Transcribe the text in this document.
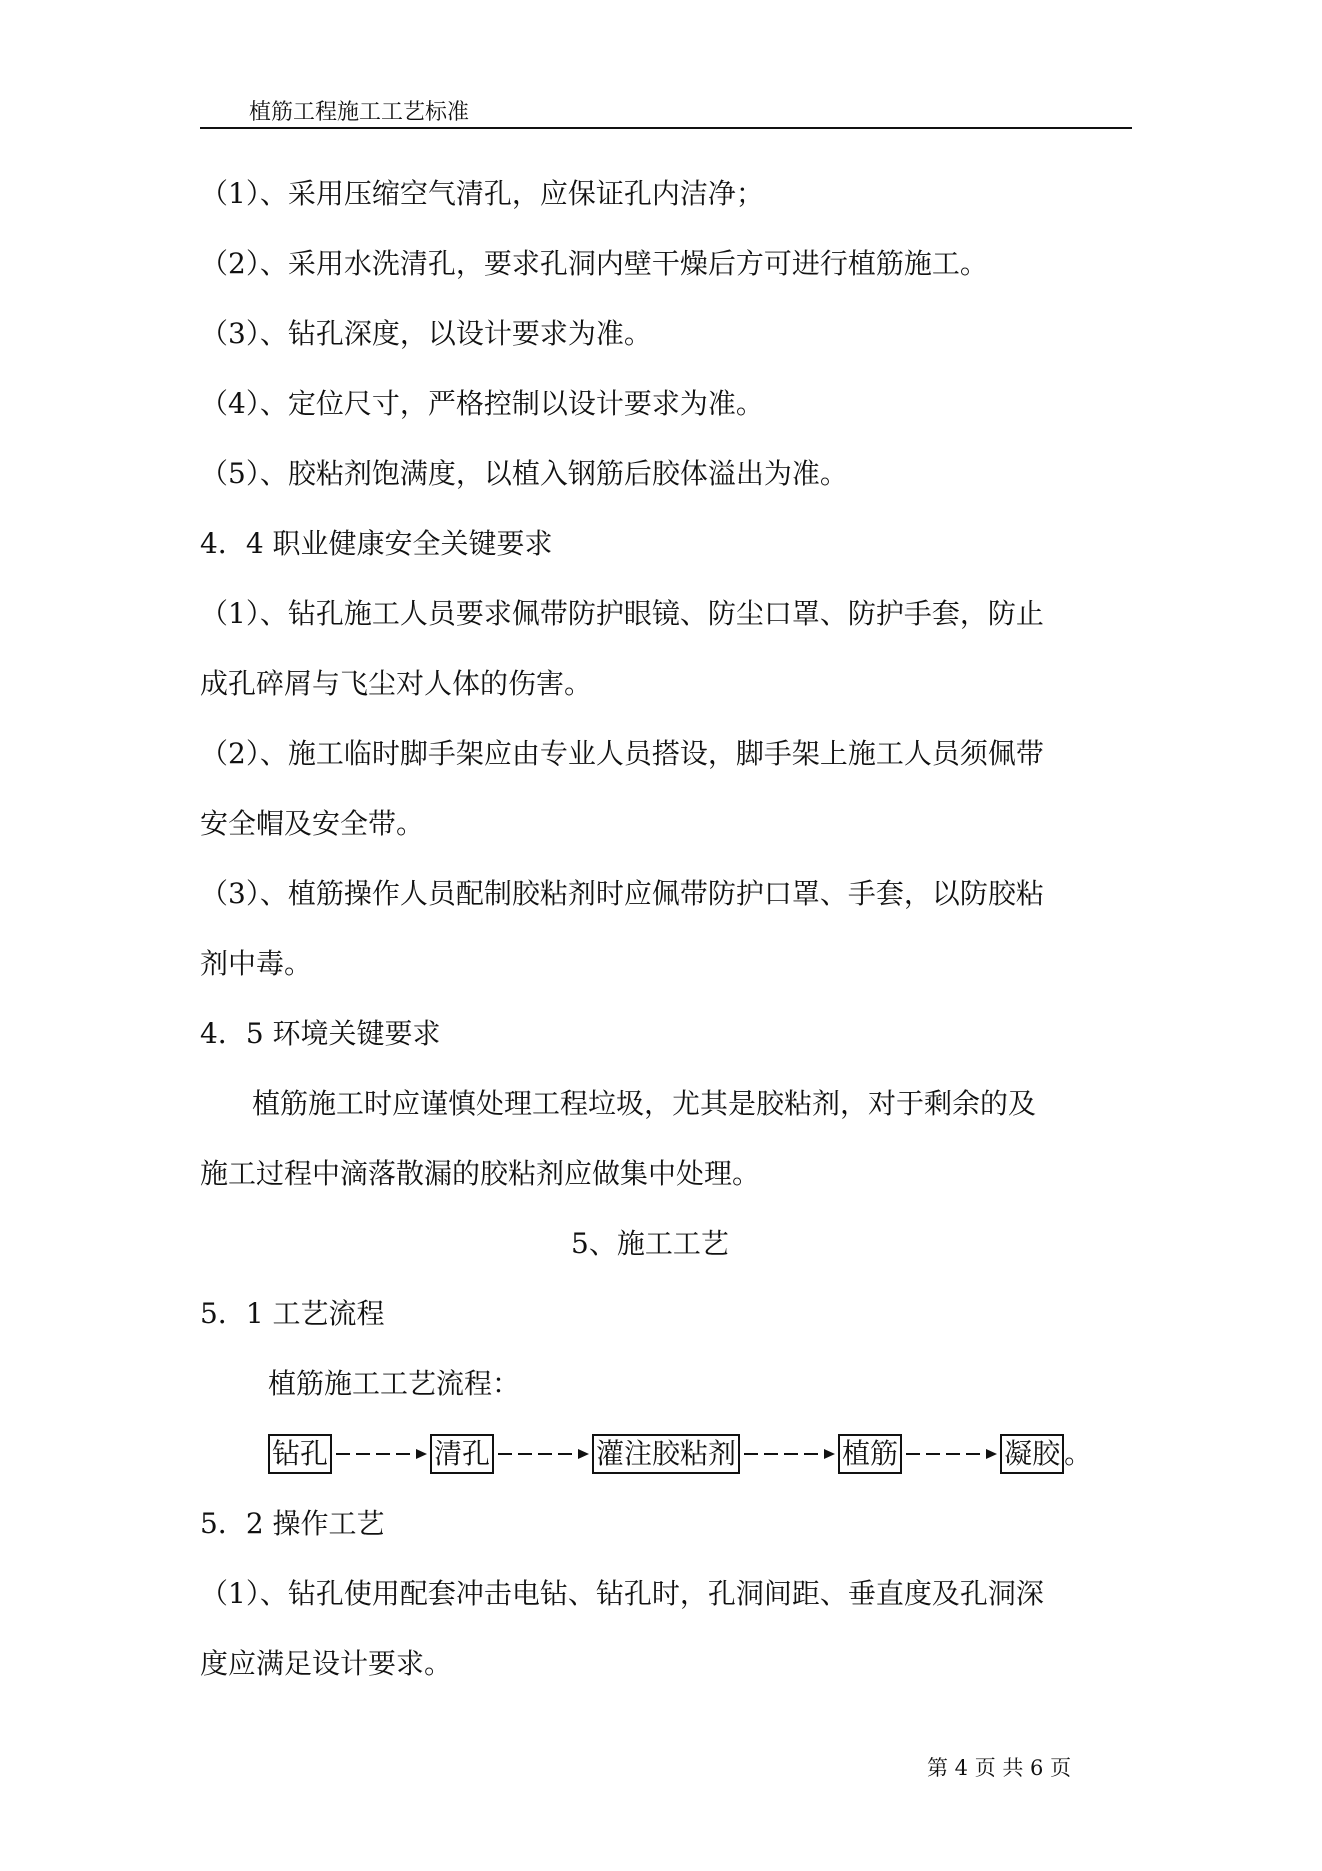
植筋工程施工工艺标准
（1）、采用压缩空气清孔，应保证孔内洁净；
（2）、采用水洗清孔，要求孔洞内壁干燥后方可进行植筋施工。
（3）、钻孔深度，以设计要求为准。
（4）、定位尺寸，严格控制以设计要求为准。
（5）、胶粘剂饱满度，以植入钢筋后胶体溢出为准。
4．4 职业健康安全关键要求
（1）、钻孔施工人员要求佩带防护眼镜、防尘口罩、防护手套，防止
成孔碎屑与飞尘对人体的伤害。
（2）、施工临时脚手架应由专业人员搭设，脚手架上施工人员须佩带
安全帽及安全带。
（3）、植筋操作人员配制胶粘剂时应佩带防护口罩、手套，以防胶粘
剂中毒。
4．5 环境关键要求
植筋施工时应谨慎处理工程垃圾，尤其是胶粘剂，对于剩余的及
施工过程中滴落散漏的胶粘剂应做集中处理。
5、施工工艺
5．1 工艺流程
植筋施工工艺流程：
钻孔	清孔	灌注胶粘剂	植筋	凝胶 。
5．2 操作工艺
（1）、钻孔使用配套冲击电钻、钻孔时，孔洞间距、垂直度及孔洞深
度应满足设计要求。
第 4 页 共 6 页
